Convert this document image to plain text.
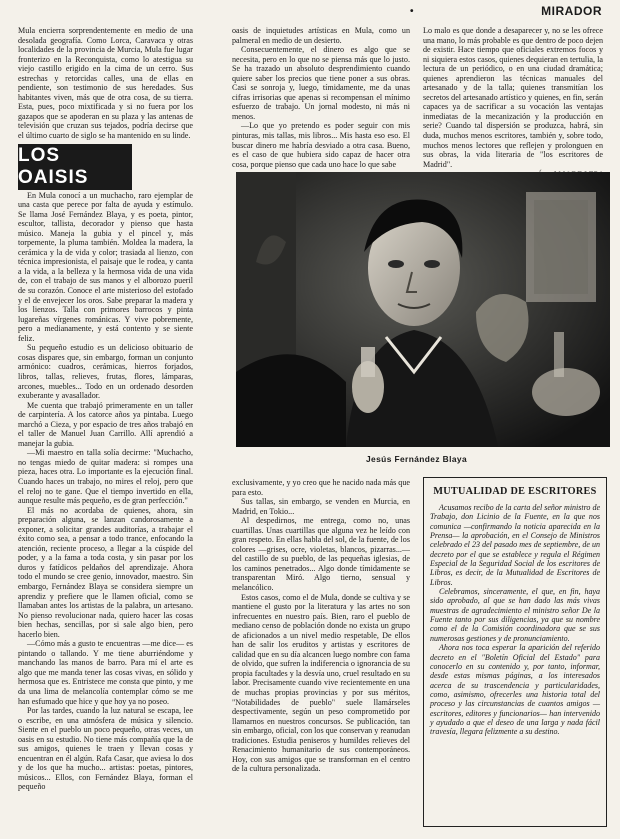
•	MIRADOR

Mula encierra sorprendentemente en medio de una desolada geografía. Como Lorca, Caravaca y otras localidades de la provincia de Murcia, Mula fue lugar fronterizo en la Reconquista, como lo atestigua su viejo castillo erigido en la cima de un cerro. Sus estrechas y retorcidas calles, una de ellas en pendiente, son testimonio de sus heredades. Sus habitantes viven, más que de otra cosa, de su tierra. Esta, pues, poco mixtificada y si no fuera por los gazapos que se apoderan en su plaza y las antenas de televisión que cruzan sus tejados, podría decirse que el último cuarto de siglo se ha mantenido en su linde.

En Mula conocí a un muchacho, raro ejemplar de una casta que perece por falta de ayuda y estímulo. Se llama José Fernández Blaya, y es poeta, pintor, escultor, tallista, decorador y pienso que hasta músico. Maneja la gubia y el pincel y, más torpemente, la pluma también. Moldea la madera, la cerámica y la de vida y color; trasiada al lienzo, con técnica impresionista, el paisaje que le rodea, y canta a la vida, a la belleza y la hermosa vida de una vida de, con el trabajo de sus manos y el alborozo pueril de su corazón. Conoce el arte misterioso del estofado y el de envejecer los oros. Sabe preparar la madera y los lienzos. Talla con primores barrocos y pinta lugareñas vírgenes románicas. Y vive pobremente, pero a medianamente, y está contento y se siente feliz.

Su pequeño estudio es un delicioso obituario de cosas dispares que, sin embargo, forman un conjunto armónico: cuadros, cerámicas, hierros forjados, libros, tallas, relieves, frutas, flores, lámparas, arcones, muebles... Todo en un ordenado desorden exuberante y avasallador.

Me cuenta que trabajó primeramente en un taller de carpintería. A los catorce años ya pintaba. Luego marchó a Cieza, y por espacio de tres años trabajó en el taller de Manuel Juan Carrillo. Allí aprendió a manejar la gubia.

—Mi maestro en talla solía decirme: "Muchacho, no tengas miedo de quitar madera: si rompes una pieza, haces otra. Lo importante es la ejecución final. Cuando haces un trabajo, no mires el reloj, pero que el reloj no te gane. Que el tiempo invertido en ella, aunque resulte más pequeño, es de gran perfección."

El más no acordaba de quienes, ahora, sin preparación alguna, se lanzan candorosamente a exponer, a solicitar grandes auditorías, a trabajar el éxito como sea, a pensar a todo trance, enfocando la atención, reciente proceso, a llegar a la cúspide del poder, y a la fama a toda costa, y sin pasar por los duros y fatídicos peldaños del aprendizaje. Ahora todo el mundo se cree genio, innovador, maestro. Sin embargo, Fernández Blaya se considera siempre un aprendiz y prefiere que le llamen oficial, como se llamaban antes los artistas de la palabra, un artesano. No pienso revolucionar nada, quiero hacer las cosas bien hechas, sencillas, por si sale algo bien, pero hacerlo bien.

—Cómo más a gusto te encuentras —me dice— es pintando o tallando. Y me tiene aburriéndome y manchando las manos de barro. Para mí el arte es algo que me manda tener las cosas vivas, en sólido y hermosa que es. Entristece me consta que pinto, y me da una lima de melancolía contemplar cómo se me han esfumado que hice y que hoy ya no poseo.

Por las tardes, cuando la luz natural se escapa, lee o escribe, en una atmósfera de música y silencio. Siente en el pueblo un poco pequeño, otras veces, un oasis en su estudio. No tiene más compañía que la de sus amigos, quienes le traen y llevan cosas y encuentran en él algún. Rafa Casar, que aviesa lo dos y de los que ha mucho... artistas: poetas, pintores, músicos... Ellos, con Fernández Blaya, forman el pequeño

LOS OAISIS

oasis de inquietudes artísticas en Mula, como un palmeral en medio de un desierto.

Consecuentemente, el dinero es algo que se necesita, pero en lo que no se piensa más que lo justo. Se ha trazado un absoluto desprendimiento cuando quiere saber los precios que tiene poner a sus obras. Casi se sonroja y, luego, tímidamente, me da unas cifras irrisorias que apenas si recompensan el mínimo esfuerzo de trabajo. Un jornal modesto, ni más ni menos.

—Lo que yo pretendo es poder seguir con mis pinturas, mis tallas, mis libros... Mis hasta eso eso. El buscar dinero me habría desviado a otra casa. Bueno, es el caso de que hubiera sido capaz de hacer otra cosa, porque pienso que cada uno hace lo que sabe

Lo malo es que donde a desaparecer y, no se les ofrece una mano, lo más probable es que dentro de poco dejen de existir. Hace tiempo que oficiales extremos focos y ni siquiera estos casos, quienes dequieran en tertulia, la lectura de un periódico, o en una ciudad dramática; quienes aprendieron las técnicas manuales del artesanado y de la talla; quienes transmitían los secretos del artesanado artístico y quienes, en fin, serán capaces ya de sacrificar a su vocación las ventajas inmediatas de la mecanización y la producción en serie? Cuando tal dispersión se produzca, habrá, sin duda, muchos menos escritores, también y, sobre todo, muchos menos lectores que reflejen y prolonguen en sus obras, la vida literaria de "los escritores de Madrid".

Jesús Fernández Blaya

exclusivamente, y yo creo que he nacido nada más que para esto.

Sus tallas, sin embargo, se venden en Murcia, en Madrid, en Tokio...

Al despedirnos, me entrega, como no, unas cuartillas. Unas cuartillas que alguna vez he leído con gran respeto. En ellas habla del sol, de la fuente, de los colores —grises, ocre, violetas, blancos, pizarras...— del castillo de su pueblo, de las pequeñas iglesias, de los caminos penetrados... Algo donde tímidamente se transparentan Miró. Algo tierno, sensual y melancólico.

Estos casos, como el de Mula, donde se cultiva y se mantiene el gusto por la literatura y las artes no son infrecuentes en nuestro país. Bien, raro el pueblo de mediano censo de población donde no exista un grupo de aficionados a un nivel medio respetable, De ellos han de salir los eruditos y artistas y escritores de calidad que en su día alcancen luego nombre con fama de olvido, que sufren la indiferencia o ignorancia de su propia facultades y la desvía uno, cruel resultado en su labor. Precisamente cuando vive recientemente en una de muchas propias provincias y por sus méritos, "Notabilidades de pueblo" suele llamárseles despectivamente, según un peso comprometido por llamarnos en nuestros concursos. Se publicación, tan sin embargo, oficial, con los que conservan y reanudan tradiciones. Estudia peniseros y humildes relieves del Renacimiento humanitario de sus contemporáneos. Hoy, con sus amigos que se transforman en el centro de la cultura personalizada.

MUTUALIDAD DE ESCRITORES

Acusamos recibo de la carta del señor ministro de Trabajo, don Licinio de la Fuente, en la que nos comunica —confirmando la noticia aparecida en la Prensa— la aprobación, en el Consejo de Ministros celebrado el 23 del pasado mes de septiembre, de un decreto por el que se establece y regula el Régimen Especial de la Seguridad Social de los escritores de Libros, es decir, de la Mutualidad de Escritores de Libros.

Celebramos, sinceramente, el que, en fin, haya sido aprobado, al que se han dado las más vivas muestras de agradecimiento el ministro señor De la Fuente tanto por sus diligencias, ya que su nombre como el de la Comisión coordinadora que se sus numerosas gestiones y de pronunciamiento.

Ahora nos toca esperar la aparición del referido decreto en el "Boletín Oficial del Estado" para conocerlo en su contenido y, por tanto, informar, desde estas mismas páginas, a los interesados acerca de su trascendencia y particularidades, como, asimismo, ofrecerles una historia total del proceso y las circunstancias de cuantos amigos —escritores, editores y funcionarios— han intervenido y ayudado a que el deseo de una larga y nada fácil travesía, llegara felizmente a su destino.
